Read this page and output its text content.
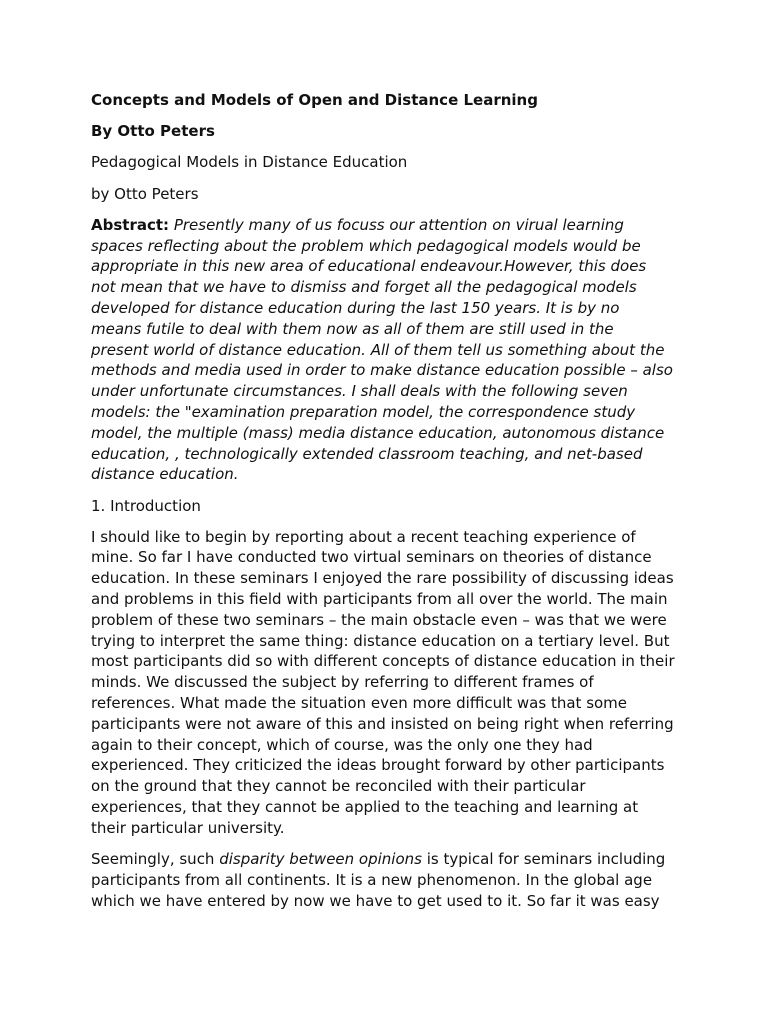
Concepts and Models of Open and Distance Learning

By Otto Peters

Pedagogical Models in Distance Education

by Otto Peters

Abstract: Presently many of us focuss our attention on virual learning
spaces reflecting about the problem which pedagogical models would be
appropriate in this new area of educational endeavour.However, this does
not mean that we have to dismiss and forget all the pedagogical models
developed for distance education during the last 150 years. It is by no
means futile to deal with them now as all of them are still used in the
present world of distance education. All of them tell us something about the
methods and media used in order to make distance education possible – also
under unfortunate circumstances. I shall deals with the following seven
models: the "examination preparation model, the correspondence study
model, the multiple (mass) media distance education, autonomous distance
education, , technologically extended classroom teaching, and net-based
distance education.

1. Introduction

I should like to begin by reporting about a recent teaching experience of
mine. So far I have conducted two virtual seminars on theories of distance
education. In these seminars I enjoyed the rare possibility of discussing ideas
and problems in this field with participants from all over the world. The main
problem of these two seminars – the main obstacle even – was that we were
trying to interpret the same thing: distance education on a tertiary level. But
most participants did so with different concepts of distance education in their
minds. We discussed the subject by referring to different frames of
references. What made the situation even more difficult was that some
participants were not aware of this and insisted on being right when referring
again to their concept, which of course, was the only one they had
experienced. They criticized the ideas brought forward by other participants
on the ground that they cannot be reconciled with their particular
experiences, that they cannot be applied to the teaching and learning at
their particular university.

Seemingly, such disparity between opinions is typical for seminars including
participants from all continents. It is a new phenomenon. In the global age
which we have entered by now we have to get used to it. So far it was easy
